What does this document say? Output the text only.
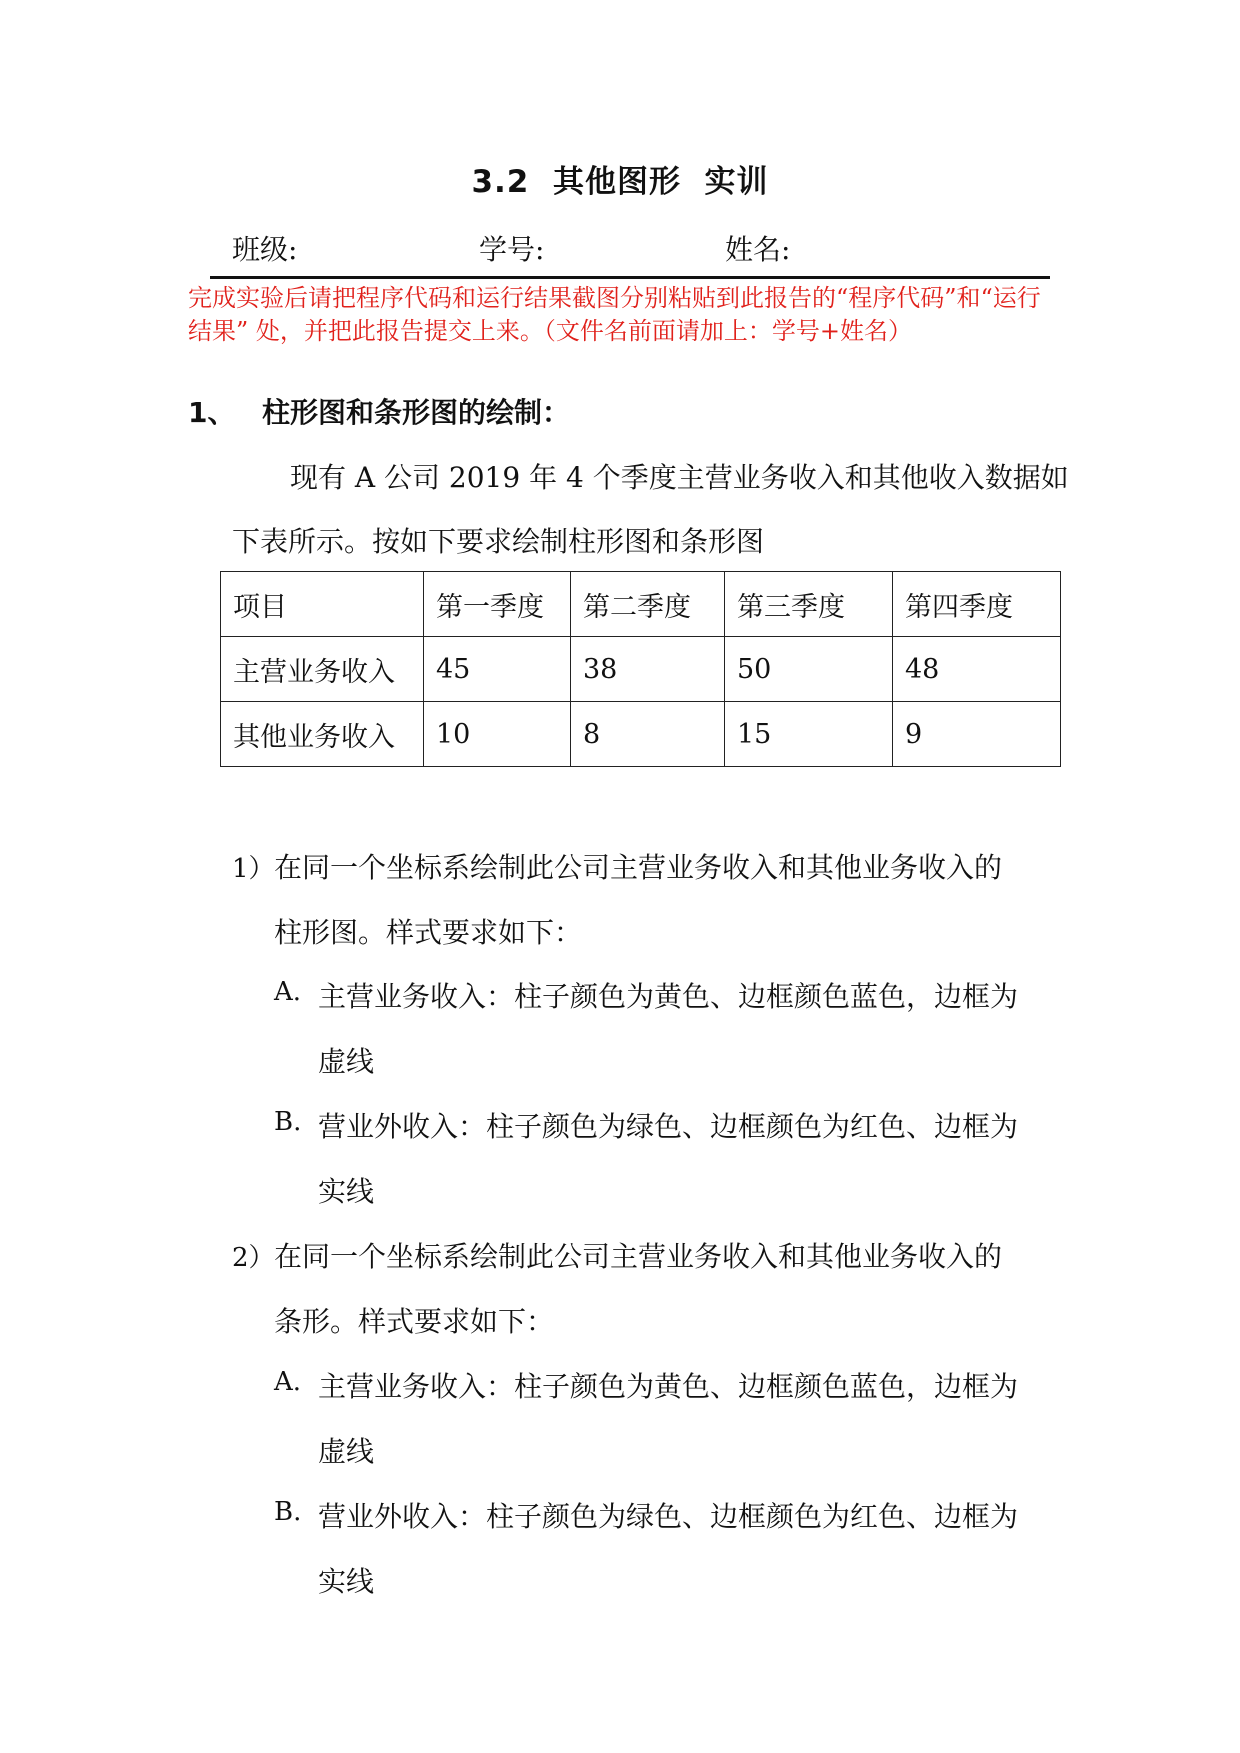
3.2  其他图形  实训
班级:	学号:	姓名:
完成实验后请把程序代码和运行结果截图分别粘贴到此报告的“程序代码”和“运行结果” 处，并把此报告提交上来。（文件名前面请加上：学号+姓名）
1、 柱形图和条形图的绘制：
现有 A 公司 2019 年 4 个季度主营业务收入和其他收入数据如
下表所示。按如下要求绘制柱形图和条形图
项目	第一季度	第二季度	第三季度	第四季度
主营业务收入	45	38	50	48
其他业务收入	10	8	15	9
1） 在同一个坐标系绘制此公司主营业务收入和其他业务收入的
柱形图。样式要求如下：
A. 主营业务收入：柱子颜色为黄色、边框颜色蓝色，边框为
虚线
B. 营业外收入：柱子颜色为绿色、边框颜色为红色、边框为
实线
2） 在同一个坐标系绘制此公司主营业务收入和其他业务收入的
条形。样式要求如下：
A. 主营业务收入：柱子颜色为黄色、边框颜色蓝色，边框为
虚线
B. 营业外收入：柱子颜色为绿色、边框颜色为红色、边框为
实线
